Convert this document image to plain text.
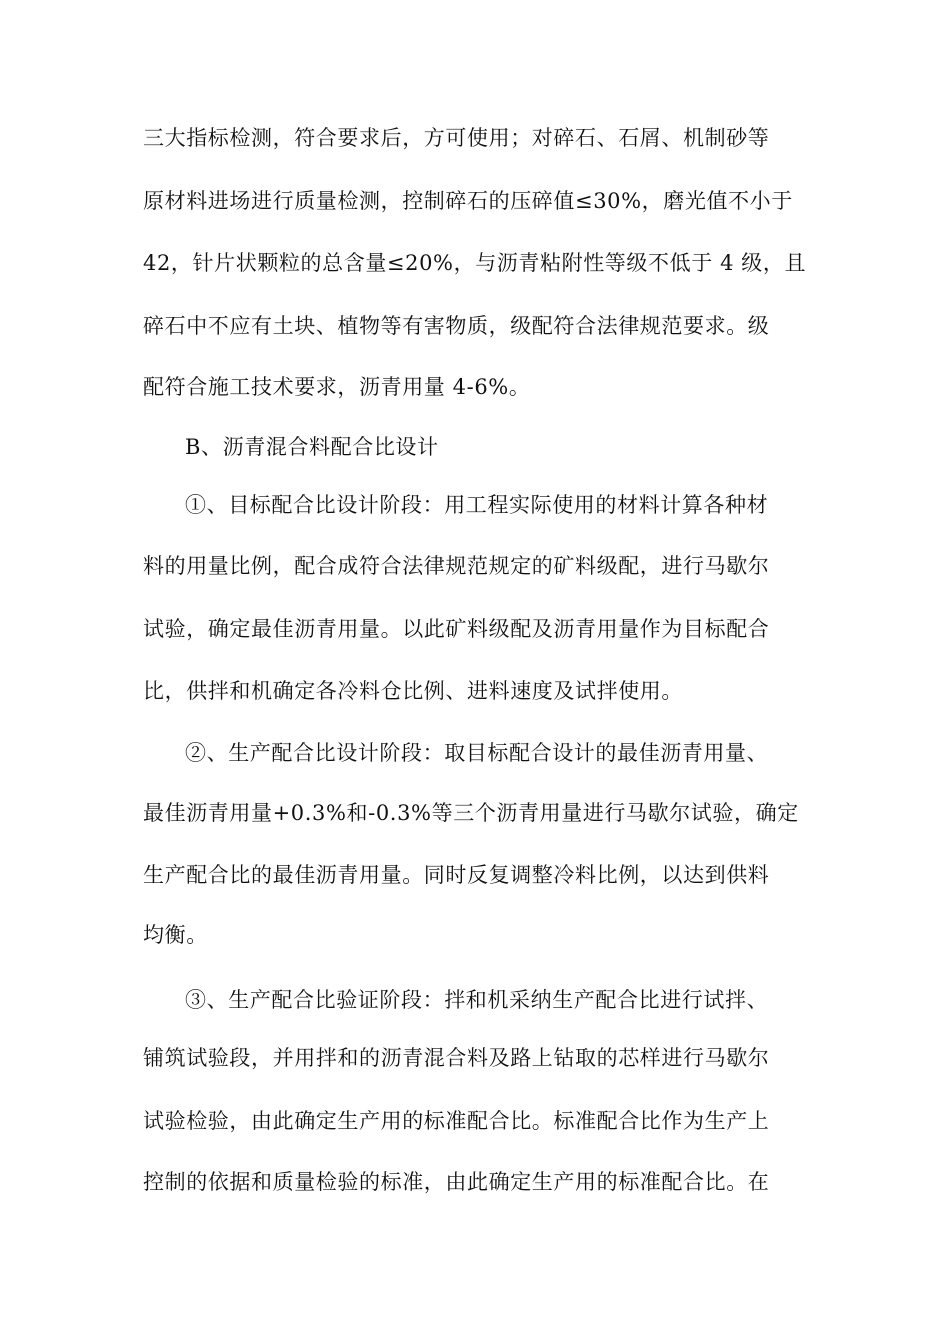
三大指标检测，符合要求后，方可使用；对碎石、石屑、机制砂等
原材料进场进行质量检测，控制碎石的压碎值≤30%，磨光值不小于
42，针片状颗粒的总含量≤20%，与沥青粘附性等级不低于 4 级，且
碎石中不应有土块、植物等有害物质，级配符合法律规范要求。级
配符合施工技术要求，沥青用量 4-6%。
B、沥青混合料配合比设计
①、目标配合比设计阶段：用工程实际使用的材料计算各种材
料的用量比例，配合成符合法律规范规定的矿料级配，进行马歇尔
试验，确定最佳沥青用量。以此矿料级配及沥青用量作为目标配合
比，供拌和机确定各冷料仓比例、进料速度及试拌使用。
②、生产配合比设计阶段：取目标配合设计的最佳沥青用量、
最佳沥青用量+0.3%和-0.3%等三个沥青用量进行马歇尔试验，确定
生产配合比的最佳沥青用量。同时反复调整冷料比例，以达到供料
均衡。
③、生产配合比验证阶段：拌和机采纳生产配合比进行试拌、
铺筑试验段，并用拌和的沥青混合料及路上钻取的芯样进行马歇尔
试验检验，由此确定生产用的标准配合比。标准配合比作为生产上
控制的依据和质量检验的标准，由此确定生产用的标准配合比。在
